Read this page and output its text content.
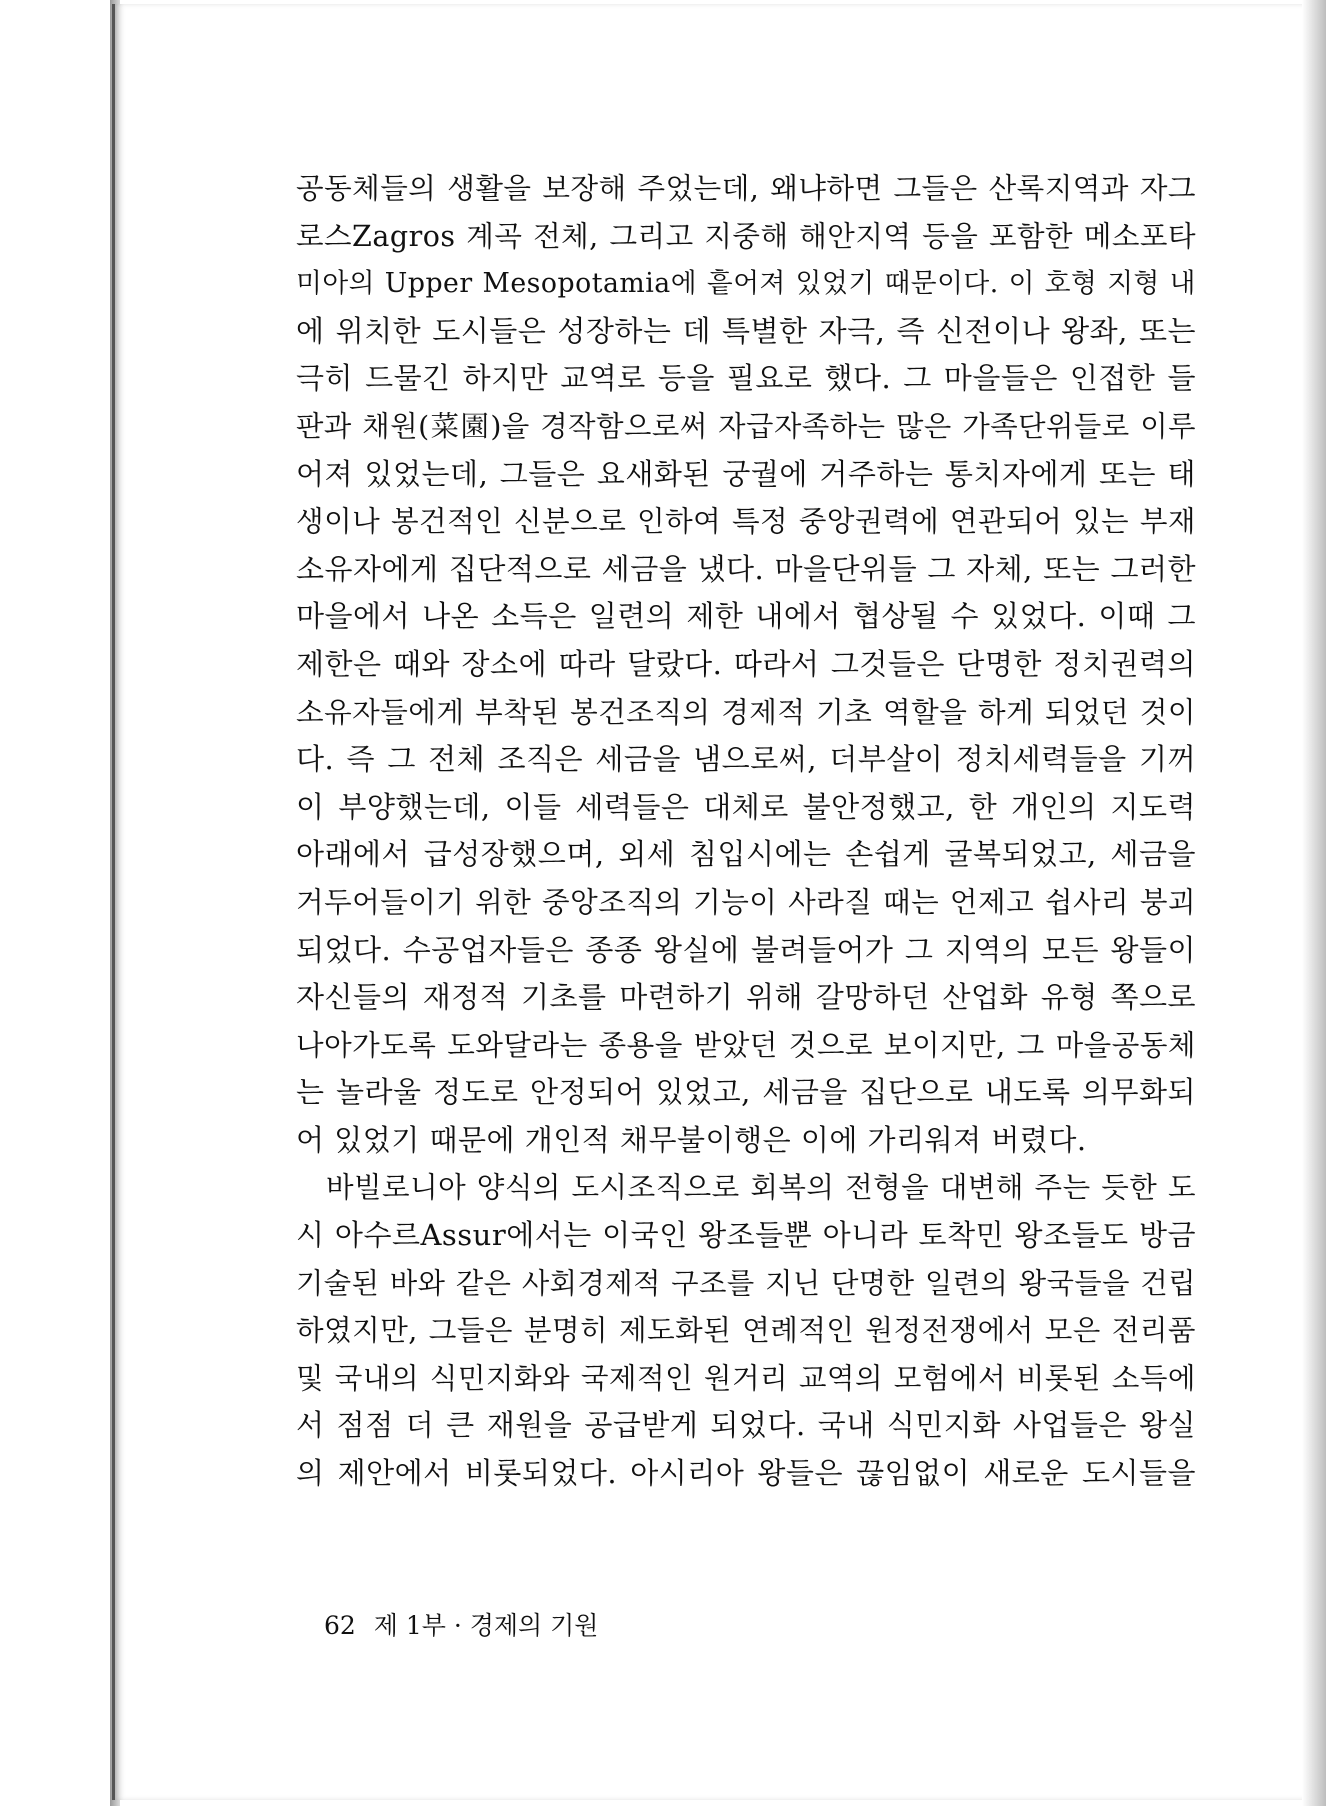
공동체들의 생활을 보장해 주었는데, 왜냐하면 그들은 산록지역과 자그
로스Zagros 계곡 전체, 그리고 지중해 해안지역 등을 포함한 메소포타
미아의 Upper Mesopotamia에 흩어져 있었기 때문이다. 이 호형 지형 내
에 위치한 도시들은 성장하는 데 특별한 자극, 즉 신전이나 왕좌, 또는
극히 드물긴 하지만 교역로 등을 필요로 했다. 그 마을들은 인접한 들
판과 채원(菜園)을 경작함으로써 자급자족하는 많은 가족단위들로 이루
어져 있었는데, 그들은 요새화된 궁궐에 거주하는 통치자에게 또는 태
생이나 봉건적인 신분으로 인하여 특정 중앙권력에 연관되어 있는 부재
소유자에게 집단적으로 세금을 냈다. 마을단위들 그 자체, 또는 그러한
마을에서 나온 소득은 일련의 제한 내에서 협상될 수 있었다. 이때 그
제한은 때와 장소에 따라 달랐다. 따라서 그것들은 단명한 정치권력의
소유자들에게 부착된 봉건조직의 경제적 기초 역할을 하게 되었던 것이
다. 즉 그 전체 조직은 세금을 냄으로써, 더부살이 정치세력들을 기꺼
이 부양했는데, 이들 세력들은 대체로 불안정했고, 한 개인의 지도력
아래에서 급성장했으며, 외세 침입시에는 손쉽게 굴복되었고, 세금을
거두어들이기 위한 중앙조직의 기능이 사라질 때는 언제고 쉽사리 붕괴
되었다. 수공업자들은 종종 왕실에 불려들어가 그 지역의 모든 왕들이
자신들의 재정적 기초를 마련하기 위해 갈망하던 산업화 유형 쪽으로
나아가도록 도와달라는 종용을 받았던 것으로 보이지만, 그 마을공동체
는 놀라울 정도로 안정되어 있었고, 세금을 집단으로 내도록 의무화되
어 있었기 때문에 개인적 채무불이행은 이에 가리워져 버렸다.
바빌로니아 양식의 도시조직으로 회복의 전형을 대변해 주는 듯한 도
시 아수르Assur에서는 이국인 왕조들뿐 아니라 토착민 왕조들도 방금
기술된 바와 같은 사회경제적 구조를 지닌 단명한 일련의 왕국들을 건립
하였지만, 그들은 분명히 제도화된 연례적인 원정전쟁에서 모은 전리품
및 국내의 식민지화와 국제적인 원거리 교역의 모험에서 비롯된 소득에
서 점점 더 큰 재원을 공급받게 되었다. 국내 식민지화 사업들은 왕실
의 제안에서 비롯되었다. 아시리아 왕들은 끊임없이 새로운 도시들을
62 제 1부 · 경제의 기원
